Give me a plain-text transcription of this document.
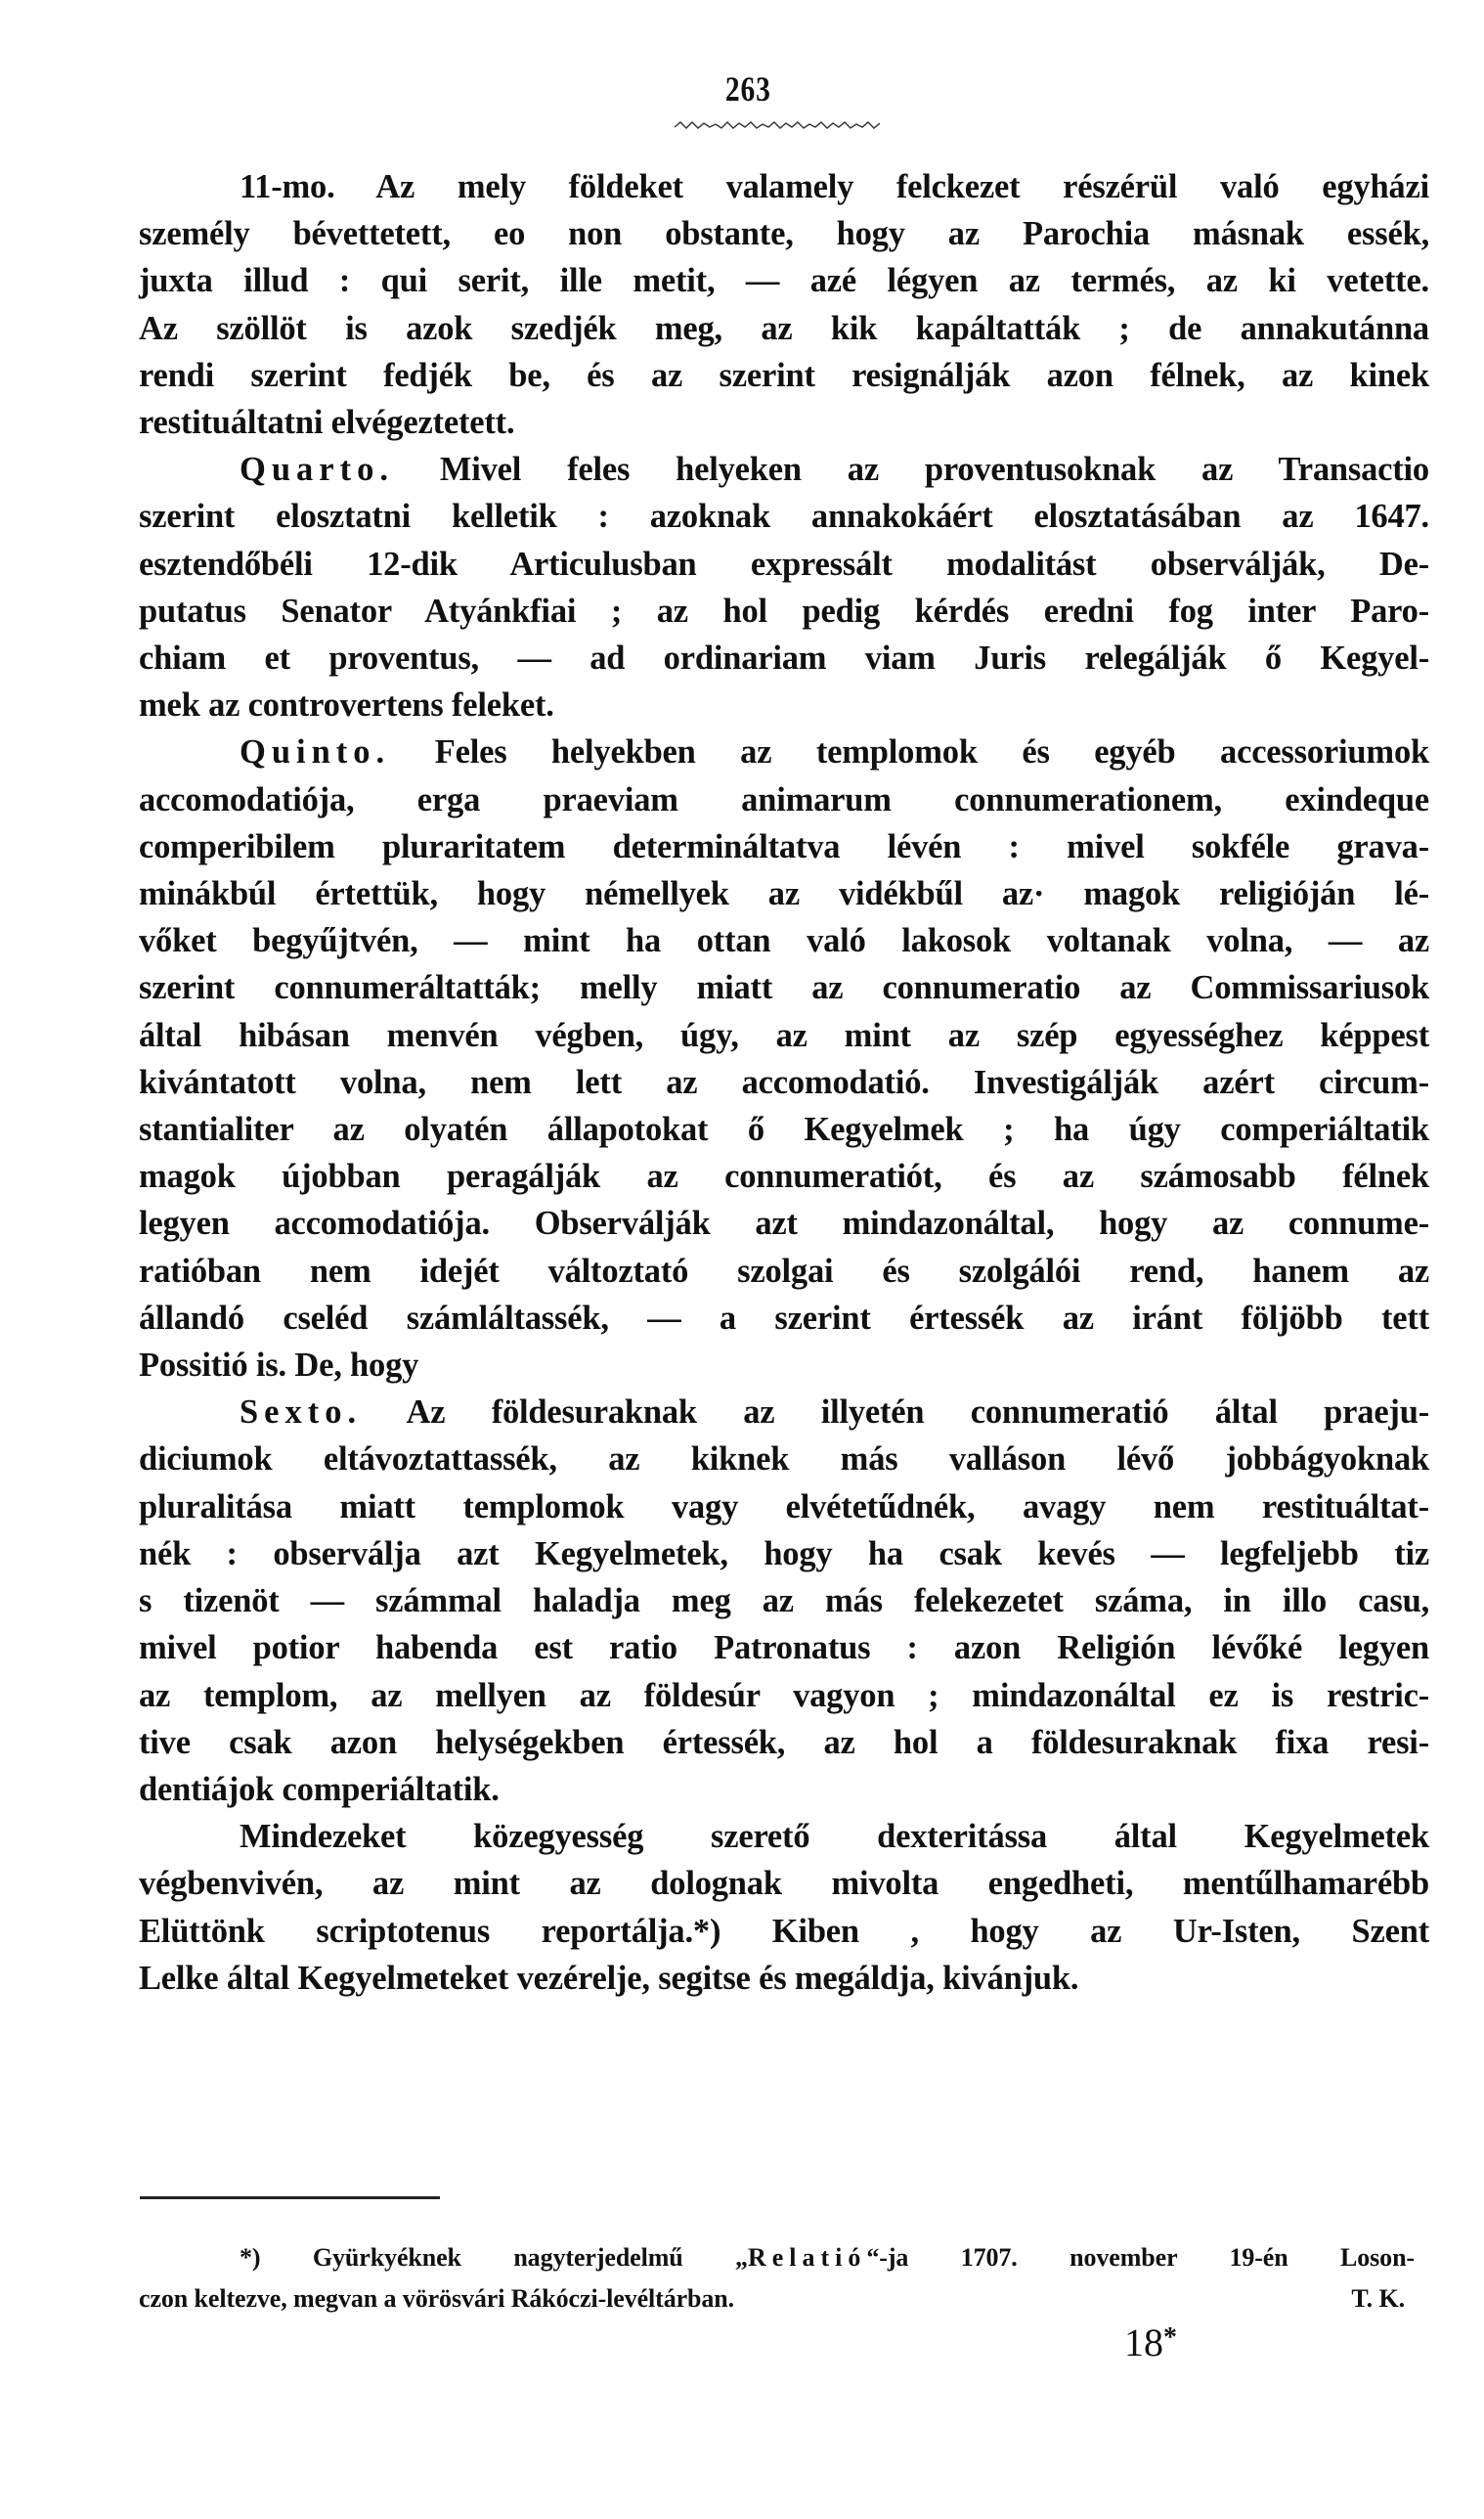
263

11-mo. Az mely földeket valamely felckezet részérül való egyházi
személy bévettetett, eo non obstante, hogy az Parochia másnak essék,
juxta illud : qui serit, ille metit, — azé légyen az termés, az ki vetette.
Az szöllöt is azok szedjék meg, az kik kapáltatták ; de annakutánna
rendi szerint fedjék be, és az szerint resignálják azon félnek, az kinek
restituáltatni elvégeztetett.

Quarto. Mivel feles helyeken az proventusoknak az Transactio
szerint elosztatni kelletik : azoknak annakokáért elosztatásában az 1647.
esztendőbéli 12-dik Articulusban expressált modalitást observálják, De-
putatus Senator Atyánkfiai ; az hol pedig kérdés eredni fog inter Paro-
chiam et proventus, — ad ordinariam viam Juris relegálják ő Kegyel-
mek az controvertens feleket.

Quinto. Feles helyekben az templomok és egyéb accessoriumok
accomodatiója, erga praeviam animarum connumerationem, exindeque
comperibilem pluraritatem determináltatva lévén : mivel sokféle grava-
minákbúl értettük, hogy némellyek az vidékbűl az· magok religióján lé-
vőket begyűjtvén, — mint ha ottan való lakosok voltanak volna, — az
szerint connumeráltatták; melly miatt az connumeratio az Commissariusok
által hibásan menvén végben, úgy, az mint az szép egyességhez képpest
kivántatott volna, nem lett az accomodatió. Investigálják azért circum-
stantialiter az olyatén állapotokat ő Kegyelmek ; ha úgy comperiáltatik
magok újobban peragálják az connumeratiót, és az számosabb félnek
legyen accomodatiója. Observálják azt mindazonáltal, hogy az connume-
ratióban nem idejét változtató szolgai és szolgálói rend, hanem az
állandó cseléd számláltassék, — a szerint értessék az iránt följöbb tett
Possitió is. De, hogy

Sexto. Az földesuraknak az illyetén connumeratió által praeju-
diciumok eltávoztattassék, az kiknek más valláson lévő jobbágyoknak
pluralitása miatt templomok vagy elvétetűdnék, avagy nem restituáltat-
nék : observálja azt Kegyelmetek, hogy ha csak kevés — legfeljebb tiz
s tizenöt — számmal haladja meg az más felekezetet száma, in illo casu,
mivel potior habenda est ratio Patronatus : azon Religión lévőké legyen
az templom, az mellyen az földesúr vagyon ; mindazonáltal ez is restric-
tive csak azon helységekben értessék, az hol a földesuraknak fixa resi-
dentiájok comperiáltatik.

Mindezeket közegyesség szerető dexteritássa által Kegyelmetek
végbenvivén, az mint az dolognak mivolta engedheti, mentűlhamarébb
Elüttönk scriptotenus reportálja.*) Kiben , hogy az Ur-Isten, Szent
Lelke által Kegyelmeteket vezérelje, segitse és megáldja, kivánjuk.

*) Gyürkyéknek nagyterjedelmű „Relatió“-ja 1707. november 19-én Loson-
czon keltezve, megvan a vörösvári Rákóczi-levéltárban.	T. K.
18*
